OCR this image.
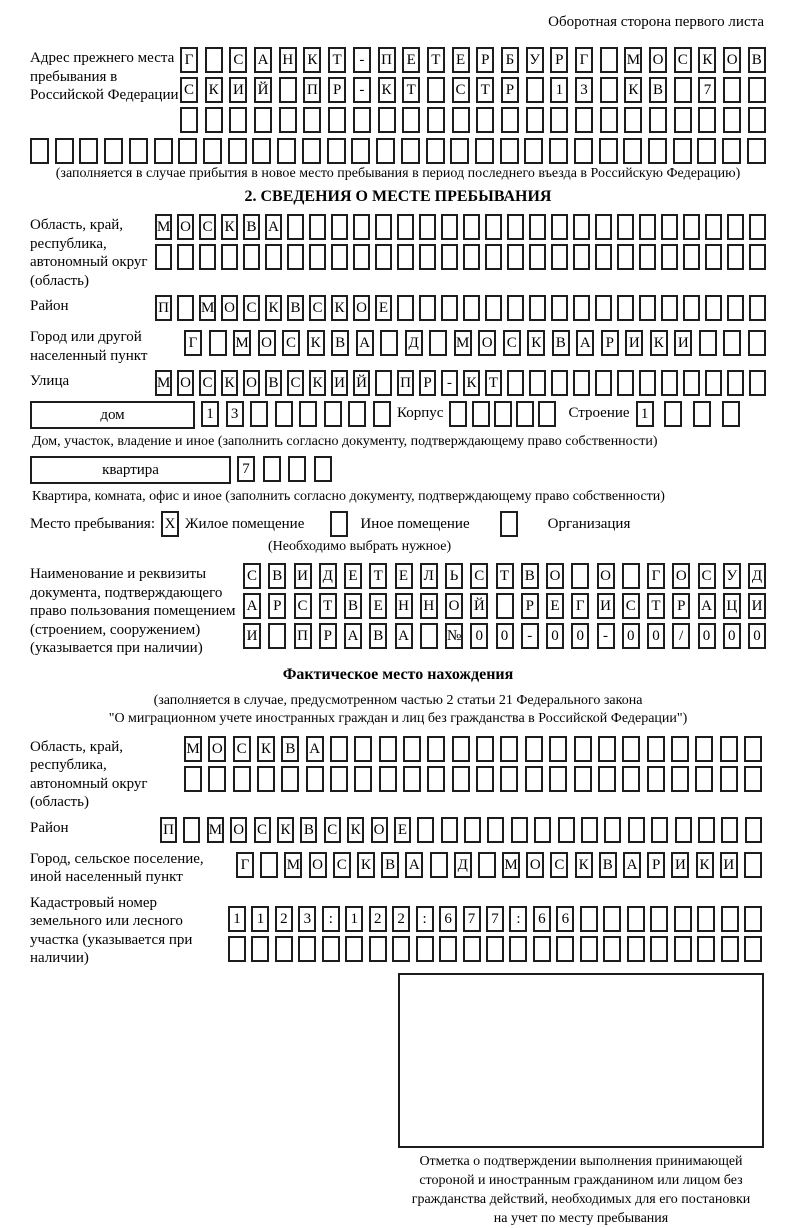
Оборотная сторона первого листа
Адрес прежнего места пребывания в Российской Федерации
Г	С А Н К Т	-	П Е Т Е	Р	Б	У	Р	Г	М О С К О В
С К И Й	П	Р	-	К Т	С Т	Р	1	3	К В	7
(заполняется в случае прибытия в новое место пребывания в период последнего въезда в Российскую Федерацию)
2. СВЕДЕНИЯ О МЕСТЕ ПРЕБЫВАНИЯ
Область, край, республика, автономный округ (область)
М О С К В А
Район	П М О С К В С К О Е
Город или другой населенный пункт
Г	М О С К В А	Д М О С К В А Р И К И
Улица	М О С К О В С К И Й П Р	- К Т
дом	1	3	Корпус	Строение 1
Дом, участок, владение и иное (заполнить согласно документу, подтверждающему право собственности)
квартира	7
Квартира, комната, офис и иное (заполнить согласно документу, подтверждающему право собственности)
Место пребывания: X Жилое помещение	Иное помещение	Организация
(Необходимо выбрать нужное)
Наименование и реквизиты документа, подтверждающего право пользования помещением (строением, сооружением) (указывается при наличии)
С В И Д Е Т Е Л	Ь	С Т В О	О	Г	О С У Д
А	Р	С Т В Е Н Н О Й	Р	Е	Г	И С Т	Р	А Ц И
И	П	Р	А В А	№ 0	0	-	0	0	-	0	0	/	0	0	0
Фактическое место нахождения
(заполняется в случае, предусмотренном частью 2 статьи 21 Федерального закона
"О миграционном учете иностранных граждан и лиц без гражданства в Российской Федерации")
Область, край, республика, автономный округ (область)
М О С К В А
Район	П М О С К В С К О Е
Город, сельское поселение, иной населенный пункт
Г	М О С К В А	Д М О С К В А Р И К И
Кадастровый номер земельного или лесного участка (указывается при наличии)
1	1	2	3	:	1	2	2	:	6	7	7	:	6	6
Отметка о подтверждении выполнения принимающей
стороной и иностранным гражданином или лицом без
гражданства действий, необходимых для его постановки
на учет по месту пребывания
